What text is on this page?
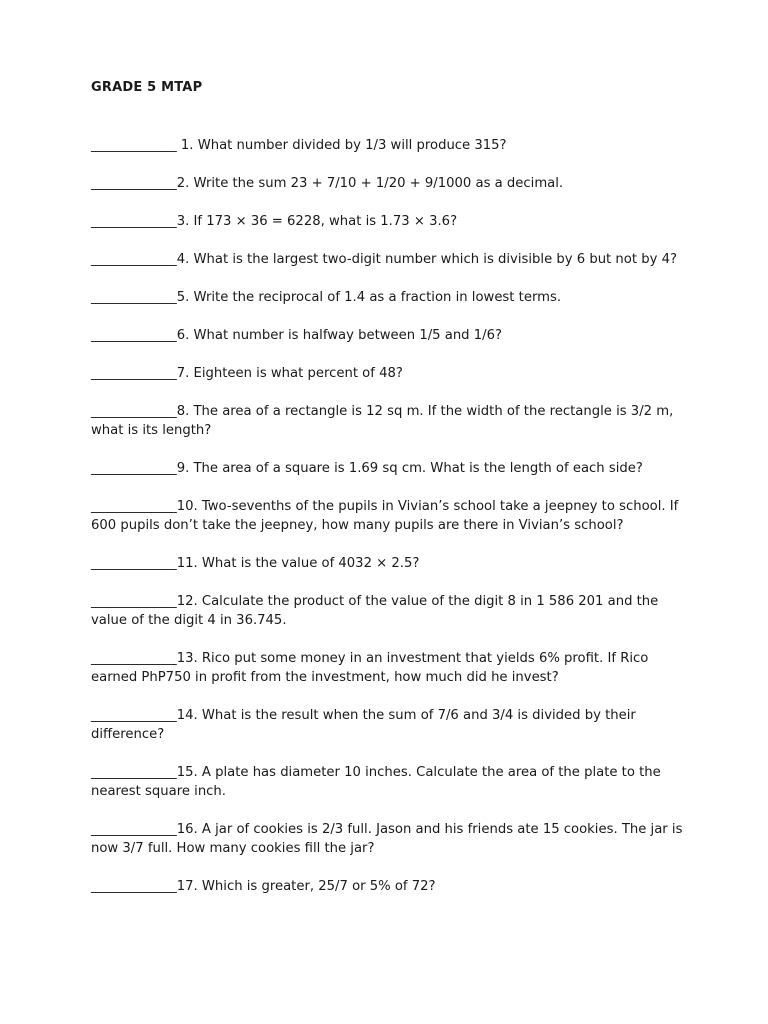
GRADE 5 MTAP

_____________ 1. What number divided by 1/3 will produce 315?

_____________2. Write the sum 23 + 7/10 + 1/20 + 9/1000 as a decimal.

_____________3. If 173 × 36 = 6228, what is 1.73 × 3.6?

_____________4. What is the largest two-digit number which is divisible by 6 but not by 4?

_____________5. Write the reciprocal of 1.4 as a fraction in lowest terms.

_____________6. What number is halfway between 1/5 and 1/6?

_____________7. Eighteen is what percent of 48?

_____________8. The area of a rectangle is 12 sq m. If the width of the rectangle is 3/2 m, what is its length?

_____________9. The area of a square is 1.69 sq cm. What is the length of each side?

_____________10. Two-sevenths of the pupils in Vivian’s school take a jeepney to school. If 600 pupils don’t take the jeepney, how many pupils are there in Vivian’s school?

_____________11. What is the value of 4032 × 2.5?

_____________12. Calculate the product of the value of the digit 8 in 1 586 201 and the value of the digit 4 in 36.745.

_____________13. Rico put some money in an investment that yields 6% profit. If Rico earned PhP750 in profit from the investment, how much did he invest?

_____________14. What is the result when the sum of 7/6 and 3/4 is divided by their difference?

_____________15. A plate has diameter 10 inches. Calculate the area of the plate to the nearest square inch.

_____________16. A jar of cookies is 2/3 full. Jason and his friends ate 15 cookies. The jar is now 3/7 full. How many cookies fill the jar?

_____________17. Which is greater, 25/7 or 5% of 72?
